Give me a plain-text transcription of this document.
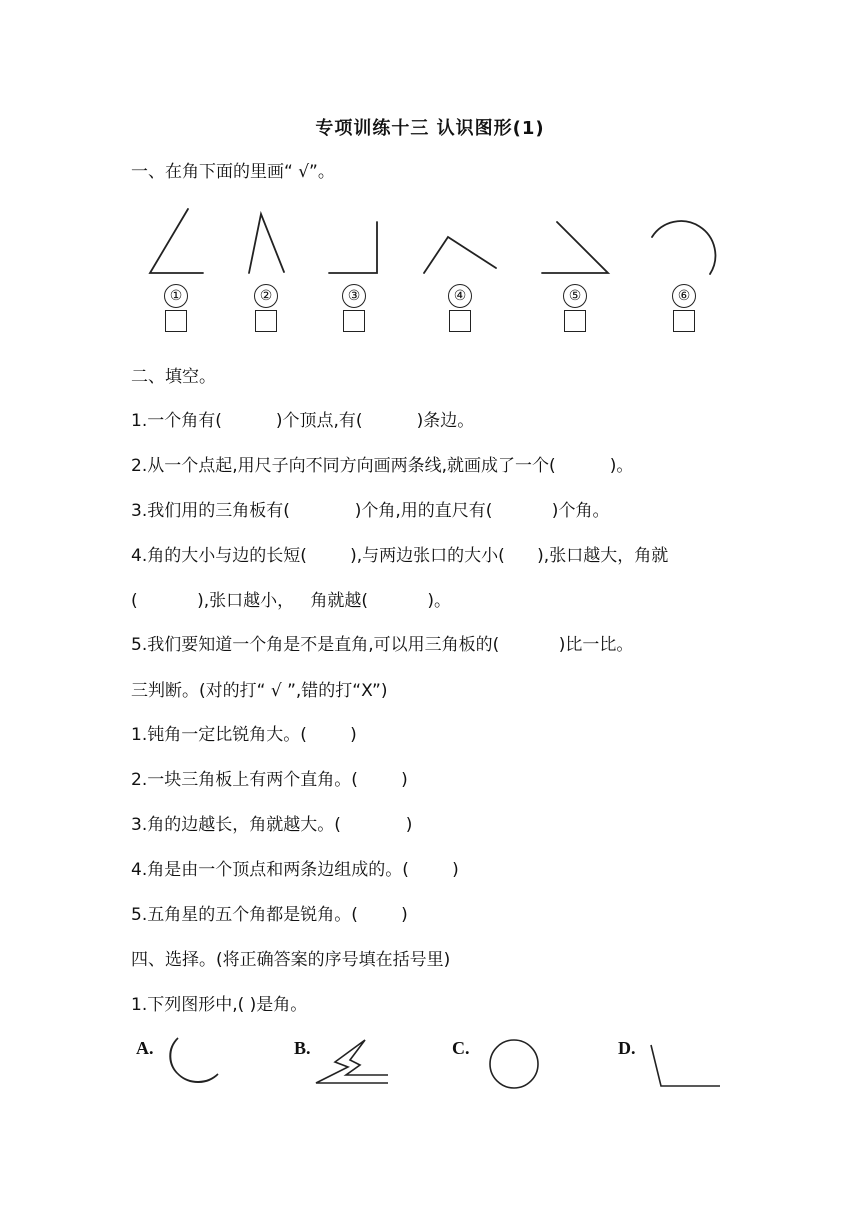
专项训练十三 认识图形(1)
一、在角下面的里画“ √”。
①	②	③	④	⑤	⑥
二、填空。
1.一个角有(          )个顶点,有(          )条边。
2.从一个点起,用尺子向不同方向画两条线,就画成了一个(          )。
3.我们用的三角板有(            )个角,用的直尺有(           )个角。
4.角的大小与边的长短(        ),与两边张口的大小(      ),张口越大，角就
(           ),张口越小，   角就越(           )。
5.我们要知道一个角是不是直角,可以用三角板的(           )比一比。
三判断。(对的打“ √ ”,错的打“X”)
1.钝角一定比锐角大。(        )
2.一块三角板上有两个直角。(        )
3.角的边越长，角就越大。(            )
4.角是由一个顶点和两条边组成的。(        )
5.五角星的五个角都是锐角。(        )
四、选择。(将正确答案的序号填在括号里)
1.下列图形中,( )是角。
A.	B.	C.	D.
